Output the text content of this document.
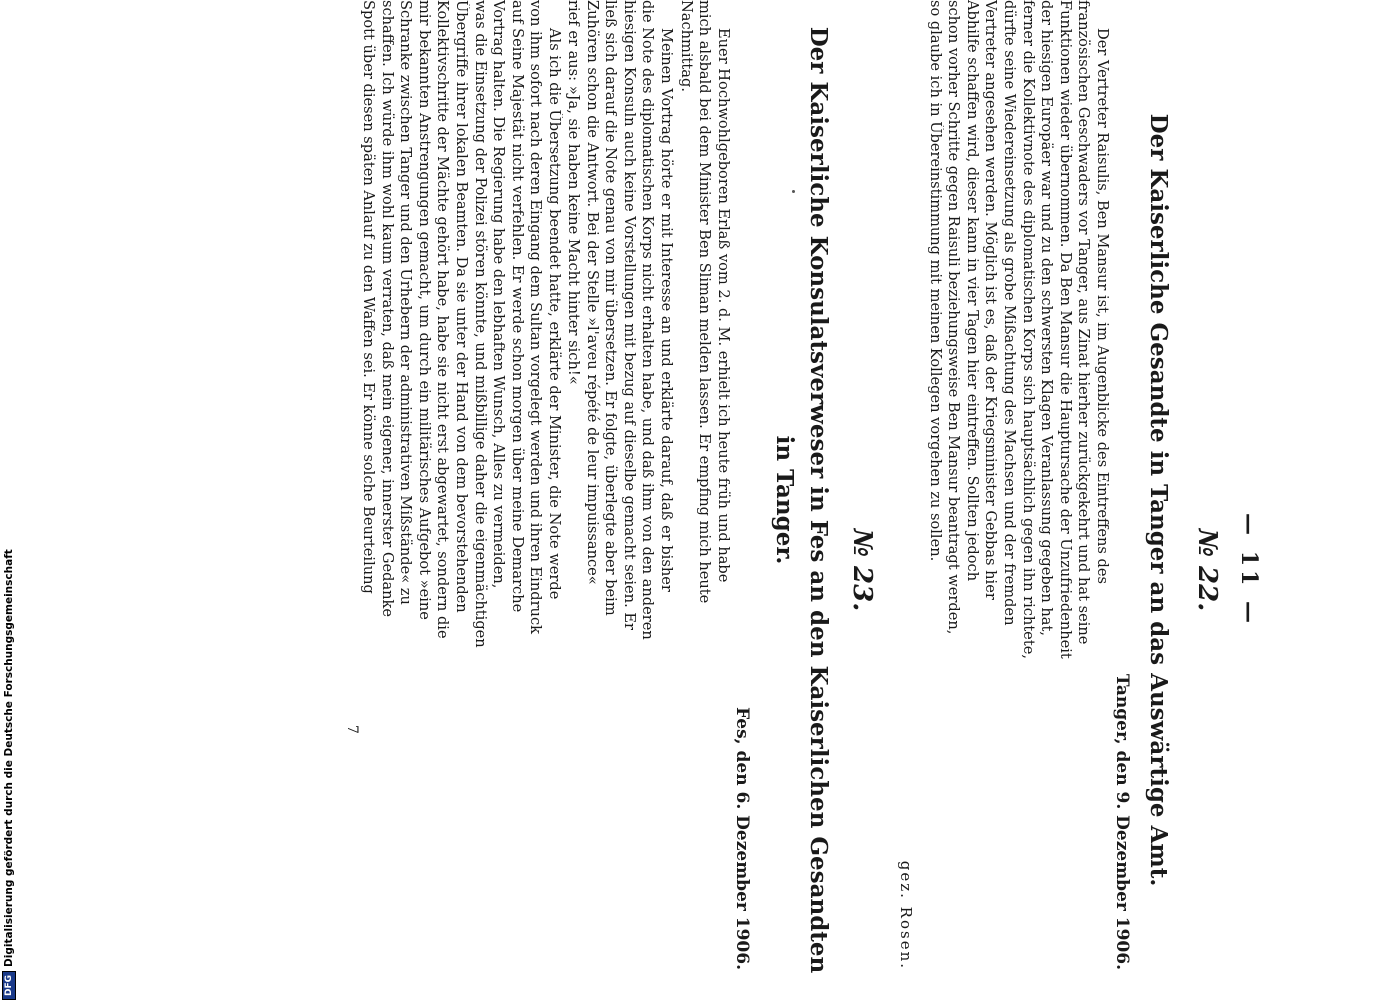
DFGDigitalisierung gefördert durch die Deutsche Forschungsgemeinschaft	— 11 —
№ 22.
Der Kaiserliche Gesandte in Tanger an das Auswärtige Amt.
Tanger, den 9. Dezember 1906.
Der Vertreter Raisulis, Ben Mansur ist, im Augenblicke des Eintreffens des
französischen Geschwaders vor Tanger, aus Zinat hierher zurückgekehrt und hat seine
Funktionen wieder übernommen. Da Ben Mansur die Hauptursache der Unzufriedenheit
der hiesigen Europäer war und zu den schwersten Klagen Veranlassung gegeben hat,
ferner die Kollektivnote des diplomatischen Korps sich hauptsächlich gegen ihn richtete,
dürfte seine Wiedereinsetzung als grobe Mißachtung des Machsen und der fremden
Vertreter angesehen werden. Möglich ist es, daß der Kriegsminister Gebbas hier
Abhilfe schaffen wird, dieser kann in vier Tagen hier eintreffen. Sollten jedoch
schon vorher Schritte gegen Raisuli beziehungsweise Ben Mansur beantragt werden,
so glaube ich in Übereinstimmung mit meinen Kollegen vorgehen zu sollen.
gez. Rosen.
№ 23.
Der Kaiserliche Konsulatsverweser in Fes an den Kaiserlichen Gesandten
in Tanger.
Fes, den 6. Dezember 1906.
Euer Hochwohlgeboren Erlaß vom 2. d. M. erhielt ich heute früh und habe
mich alsbald bei dem Minister Ben Sliman melden lassen. Er empfing mich heute
Nachmittag.
Meinen Vortrag hörte er mit Interesse an und erklärte darauf, daß er bisher
die Note des diplomatischen Korps nicht erhalten habe, und daß ihm von den anderen
hiesigen Konsuln auch keine Vorstellungen mit bezug auf dieselbe gemacht seien. Er
ließ sich darauf die Note genau von mir übersetzen. Er folgte, überlegte aber beim
Zuhören schon die Antwort. Bei der Stelle »l'aveu répété de leur impuissance«
rief er aus: »Ja, sie haben keine Macht hinter sich!«
Als ich die Übersetzung beendet hatte, erklärte der Minister, die Note werde
von ihm sofort nach deren Eingang dem Sultan vorgelegt werden und ihren Eindruck
auf Seine Majestät nicht verfehlen. Er werde schon morgen über meine Demarche
Vortrag halten. Die Regierung habe den lebhaften Wunsch, Alles zu vermeiden,
was die Einsetzung der Polizei stören könnte, und mißbillige daher die eigenmächtigen
Übergriffe ihrer lokalen Beamten. Da sie unter der Hand von dem bevorstehenden
Kollektivschritte der Mächte gehört habe, habe sie nicht erst abgewartet, sondern die
mir bekannten Anstrengungen gemacht, um durch ein militärisches Aufgebot »eine
Schranke zwischen Tanger und den Urhebern der administrativen Mißstände« zu
schaffen. Ich würde ihm wohl kaum verraten, daß mein eigener, innerster Gedanke
Spott über diesen späten Anlauf zu den Waffen sei. Er könne solche Beurteilung
7
